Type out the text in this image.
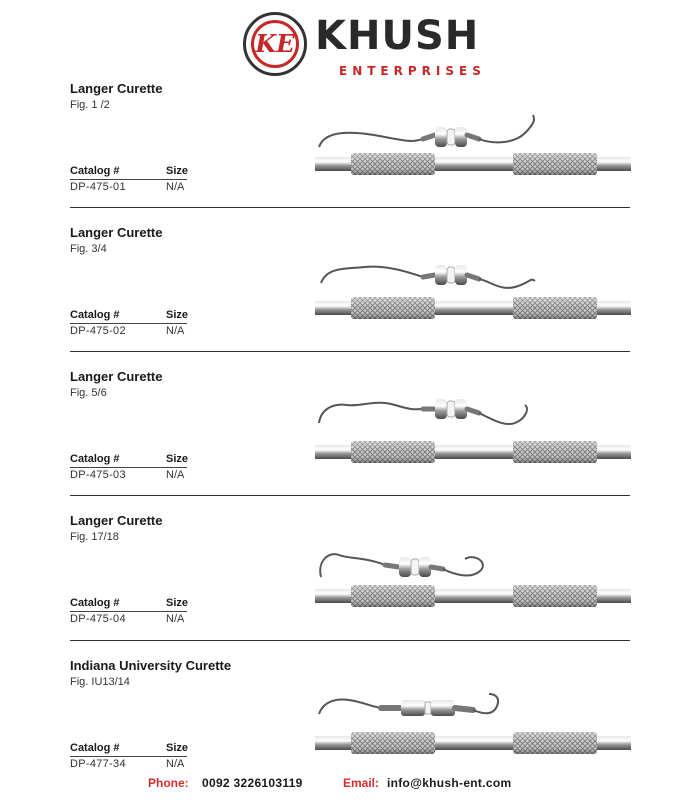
KE KHUSH
ENTERPRISES
Langer Curette
Fig. 1 /2
Catalog #	Size
DP-475-01	N/A
Langer Curette
Fig. 3/4
Catalog #	Size
DP-475-02	N/A
Langer Curette
Fig. 5/6
Catalog #	Size
DP-475-03	N/A
Langer Curette
Fig. 17/18
Catalog #	Size
DP-475-04	N/A
Indiana University Curette
Fig. IU13/14
Catalog #	Size
DP-477-34	N/A
Phone: 0092 3226103119	Email: info@khush-ent.com
